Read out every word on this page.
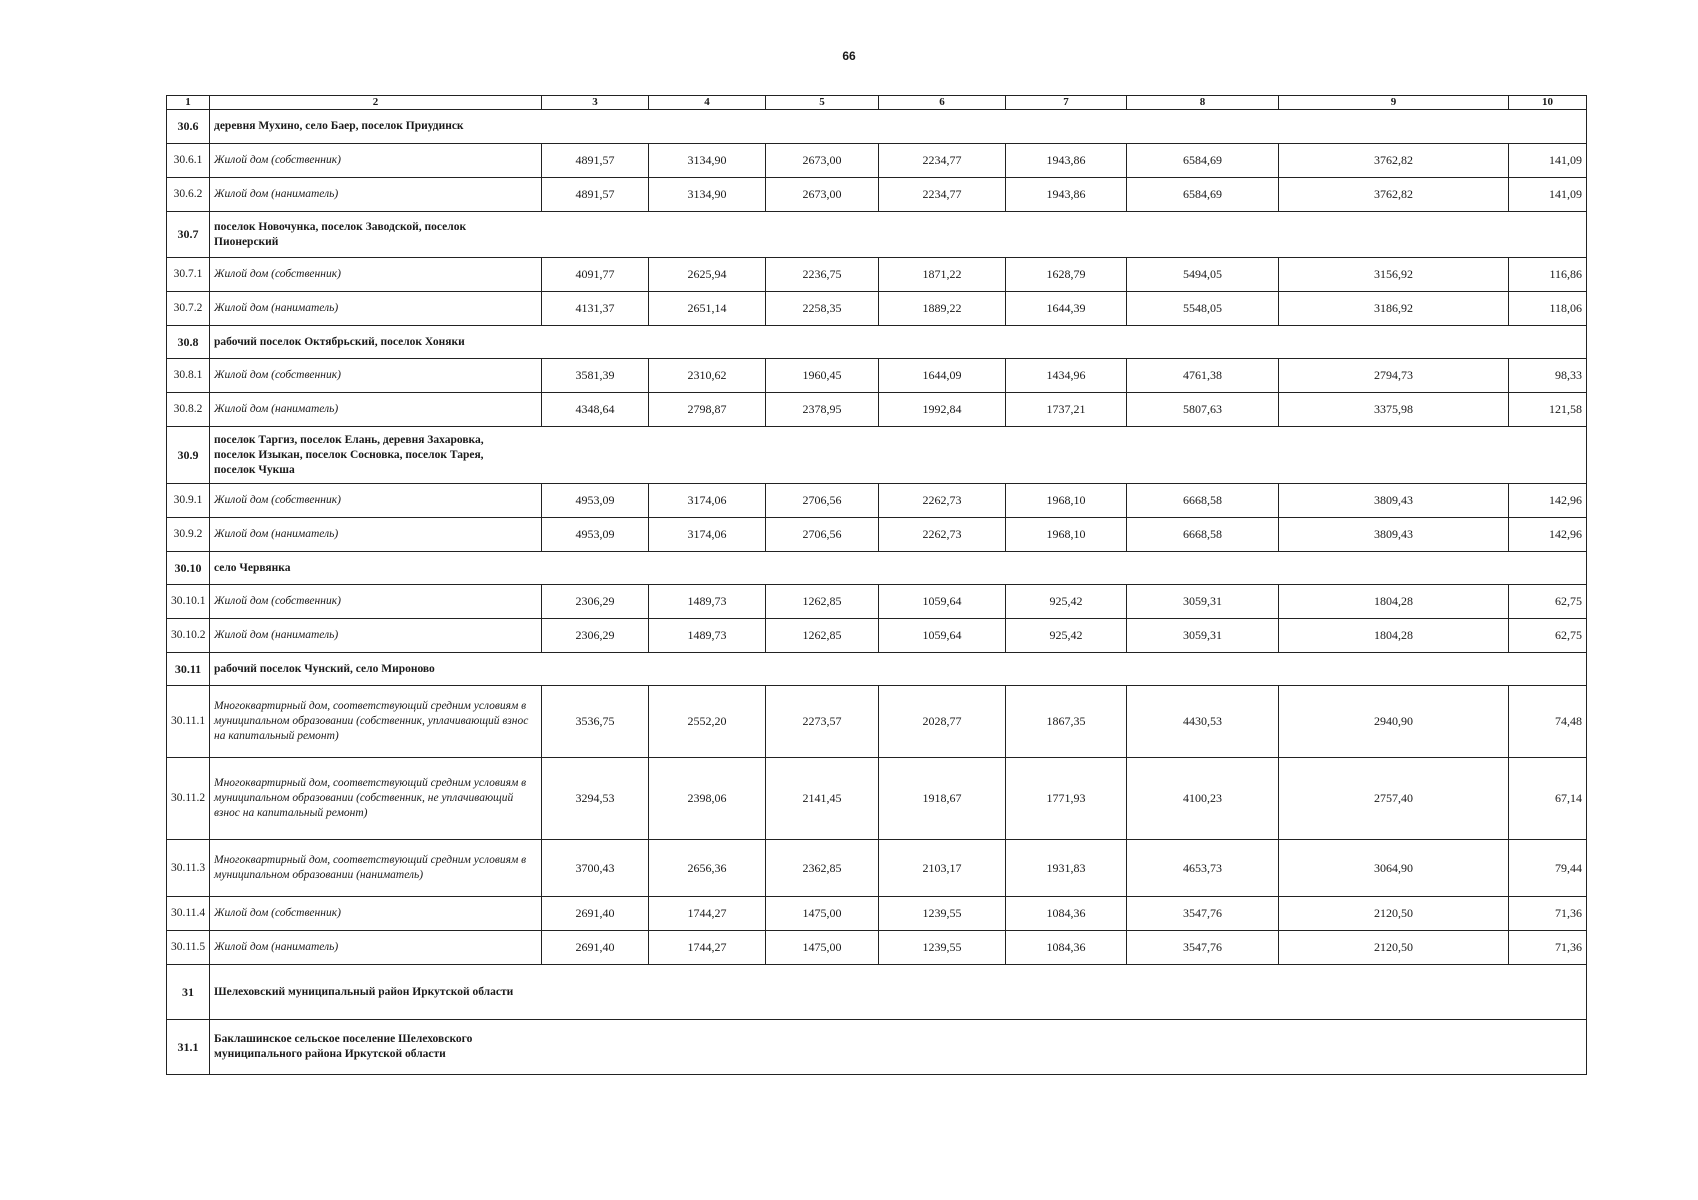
66
1	2	3	4	5	6	7	8	9	10
30.6	деревня Мухино, село Баер, поселок Приудинск								

30.6.1	Жилой дом (собственник)	4891,57	3134,90	2673,00	2234,77	1943,86	6584,69	3762,82	141,09
30.6.2	Жилой дом (наниматель)	4891,57	3134,90	2673,00	2234,77	1943,86	6584,69	3762,82	141,09
30.7	поселок Новочунка, поселок Заводской, поселок Пионерский								

30.7.1	Жилой дом (собственник)	4091,77	2625,94	2236,75	1871,22	1628,79	5494,05	3156,92	116,86
30.7.2	Жилой дом (наниматель)	4131,37	2651,14	2258,35	1889,22	1644,39	5548,05	3186,92	118,06
30.8	рабочий поселок Октябрьский, поселок Хоняки								

30.8.1	Жилой дом (собственник)	3581,39	2310,62	1960,45	1644,09	1434,96	4761,38	2794,73	98,33
30.8.2	Жилой дом (наниматель)	4348,64	2798,87	2378,95	1992,84	1737,21	5807,63	3375,98	121,58
30.9	поселок Таргиз, поселок Елань, деревня Захаровка, поселок Изыкан, поселок Сосновка, поселок Тарея, поселок Чукша								

30.9.1	Жилой дом (собственник)	4953,09	3174,06	2706,56	2262,73	1968,10	6668,58	3809,43	142,96
30.9.2	Жилой дом (наниматель)	4953,09	3174,06	2706,56	2262,73	1968,10	6668,58	3809,43	142,96
30.10	село Червянка								

30.10.1	Жилой дом (собственник)	2306,29	1489,73	1262,85	1059,64	925,42	3059,31	1804,28	62,75
30.10.2	Жилой дом (наниматель)	2306,29	1489,73	1262,85	1059,64	925,42	3059,31	1804,28	62,75
30.11	рабочий поселок Чунский, село Мироново								

30.11.1	Многоквартирный дом, соответствующий средним условиям в муниципальном образовании (собственник, уплачивающий взнос на капитальный ремонт)	3536,75	2552,20	2273,57	2028,77	1867,35	4430,53	2940,90	74,48
30.11.2	Многоквартирный дом, соответствующий средним условиям в муниципальном образовании (собственник, не уплачивающий взнос на капитальный ремонт)	3294,53	2398,06	2141,45	1918,67	1771,93	4100,23	2757,40	67,14
30.11.3	Многоквартирный дом, соответствующий средним условиям в муниципальном образовании (наниматель)	3700,43	2656,36	2362,85	2103,17	1931,83	4653,73	3064,90	79,44
30.11.4	Жилой дом (собственник)	2691,40	1744,27	1475,00	1239,55	1084,36	3547,76	2120,50	71,36
30.11.5	Жилой дом (наниматель)	2691,40	1744,27	1475,00	1239,55	1084,36	3547,76	2120,50	71,36
31	Шелеховский муниципальный район Иркутской области								

31.1	Баклашинское сельское поселение Шелеховского муниципального района Иркутской области								
